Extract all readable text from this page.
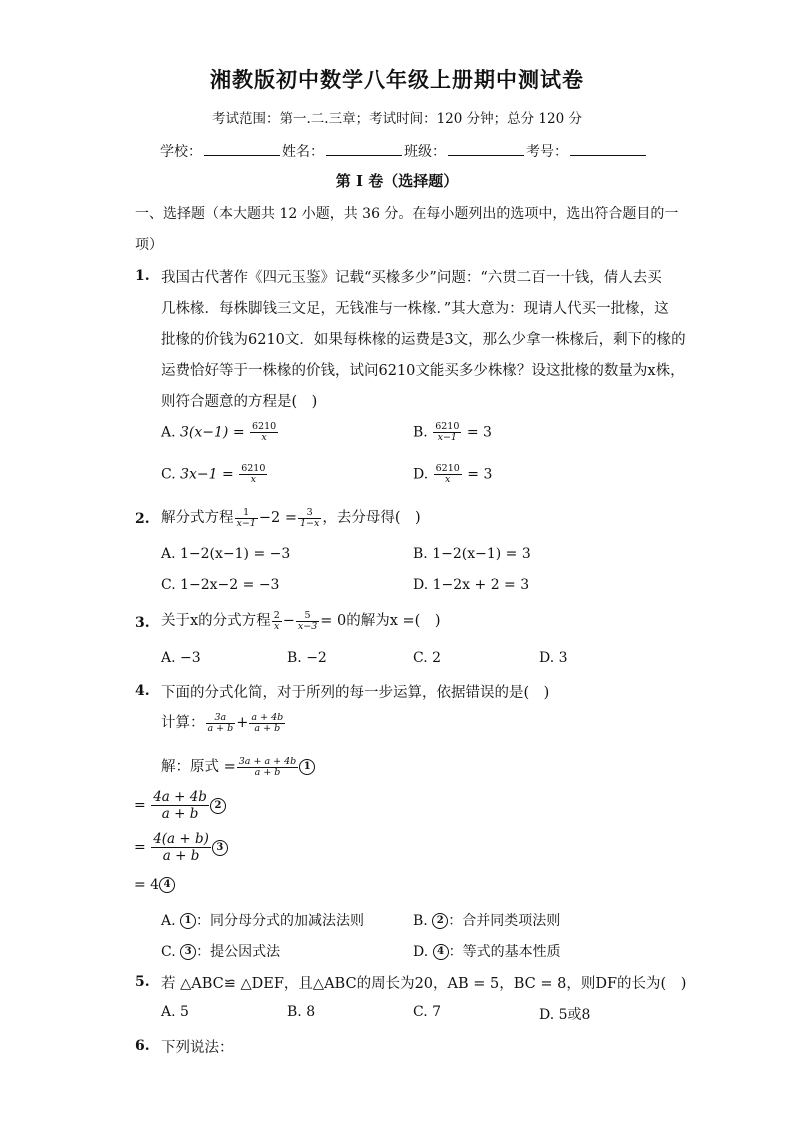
湘教版初中数学八年级上册期中测试卷
考试范围：第一.二.三章；考试时间：120 分钟；总分 120 分
学校：	姓名：	班级：	考号：
第 I 卷（选择题）
一、选择题（本大题共 12 小题，共 36 分。在每小题列出的选项中，选出符合题目的一
项）
1. 我国古代著作《四元玉鉴》记载“买椽多少”问题：“六贯二百一十钱，倩人去买
几株椽．每株脚钱三文足，无钱准与一株椽．”其大意为：现请人代买一批椽，这
批椽的价钱为6210文．如果每株椽的运费是3文，那么少拿一株椽后，剩下的椽的
运费恰好等于一株椽的价钱，试问6210文能买多少株椽？设这批椽的数量为x株，
则符合题意的方程是(　)
A. $3(x-1) = \frac{6210}{x}$	B. $\frac{6210}{x-1} = 3$
C. $3x-1 = \frac{6210}{x}$	D. $\frac{6210}{x} = 3$
2. 解分式方程 $\frac{1}{x-1} -2 = \frac{3}{1-x}$ ，去分母得(　)
A. 1−2(x−1) = −3	B. 1−2(x−1) = 3
C. 1−2x−2 = −3	D. 1−2x + 2 = 3
3. 关于x的分式方程 $\frac{2}{x} - \frac{5}{x-3} = 0$的解为x =(　)
A. −3	B. −2	C. 2	D. 3
4. 下面的分式化简，对于所列的每一步运算，依据错误的是(　)
计算： $\frac{3a}{a + b} + \frac{a + 4b}{a + b}$
解：原式 = $\frac{3a + a + 4b}{a + b} 1$
= $\frac{4a + 4b}{a + b} 2$
= $\frac{4(a + b)}{a + b} 3$
= 4 4
A. 1 ：同分母分式的加减法法则	B. 2 ：合并同类项法则
C. 3 ：提公因式法	D. 4 ：等式的基本性质
5. 若 △ABC≌ △DEF，且△ABC的周长为20，AB = 5，BC = 8，则DF的长为(　)
A. 5	B. 8	C. 7	D. 5或8
6. 下列说法：
